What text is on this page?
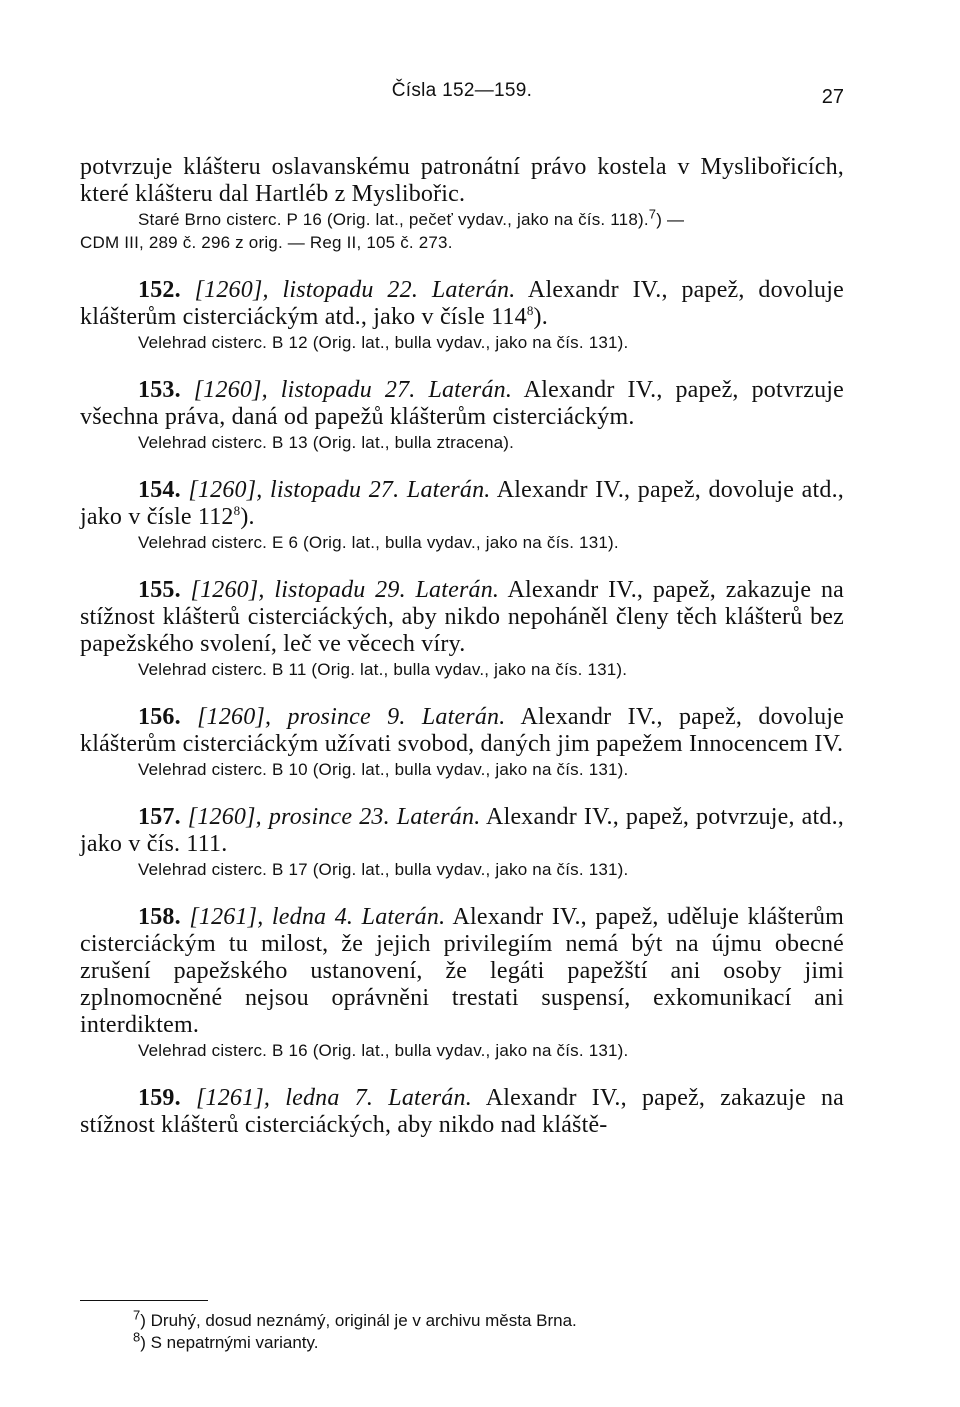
Čísla 152—159.	27
potvrzuje klášteru oslavanskému patronátní právo kostela v Myslibořicích, které klášteru dal Hartléb z Myslibořic.
Staré Brno cisterc. P 16 (Orig. lat., pečeť vydav., jako na čís. 118).$^7$) —
CDM III, 289 č. 296 z orig. — Reg II, 105 č. 273.
152. [1260], listopadu 22. Laterán. Alexandr IV., papež, dovoluje klášterům cisterciáckým atd., jako v čísle $114^8$).
Velehrad cisterc. B 12 (Orig. lat., bulla vydav., jako na čís. 131).
153. [1260], listopadu 27. Laterán. Alexandr IV., papež, potvrzuje všechna práva, daná od papežů klášterům cisterciáckým.
Velehrad cisterc. B 13 (Orig. lat., bulla ztracena).
154. [1260], listopadu 27. Laterán. Alexandr IV., papež, dovoluje atd., jako v čísle $112^8$).
Velehrad cisterc. E 6 (Orig. lat., bulla vydav., jako na čís. 131).
155. [1260], listopadu 29. Laterán. Alexandr IV., papež, zakazuje na stížnost klášterů cisterciáckých, aby nikdo nepoháněl členy těch klášterů bez papežského svolení, leč ve věcech víry.
Velehrad cisterc. B 11 (Orig. lat., bulla vydav., jako na čís. 131).
156. [1260], prosince 9. Laterán. Alexandr IV., papež, dovoluje klášterům cisterciáckým užívati svobod, daných jim papežem Innocencem IV.
Velehrad cisterc. B 10 (Orig. lat., bulla vydav., jako na čís. 131).
157. [1260], prosince 23. Laterán. Alexandr IV., papež, potvrzuje, atd., jako v čís. 111.
Velehrad cisterc. B 17 (Orig. lat., bulla vydav., jako na čís. 131).
158. [1261], ledna 4. Laterán. Alexandr IV., papež, uděluje klášterům cisterciáckým tu milost, že jejich privilegiím nemá být na újmu obecné zrušení papežského ustanovení, že legáti papežští ani osoby jimi zplnomocněné nejsou oprávněni trestati suspensí, exkomunikací ani interdiktem.
Velehrad cisterc. B 16 (Orig. lat., bulla vydav., jako na čís. 131).
159. [1261], ledna 7. Laterán. Alexandr IV., papež, zakazuje na stížnost klášterů cisterciáckých, aby nikdo nad kláště-
$^7$) Druhý, dosud neznámý, originál je v archivu města Brna.
$^8$) S nepatrnými varianty.
